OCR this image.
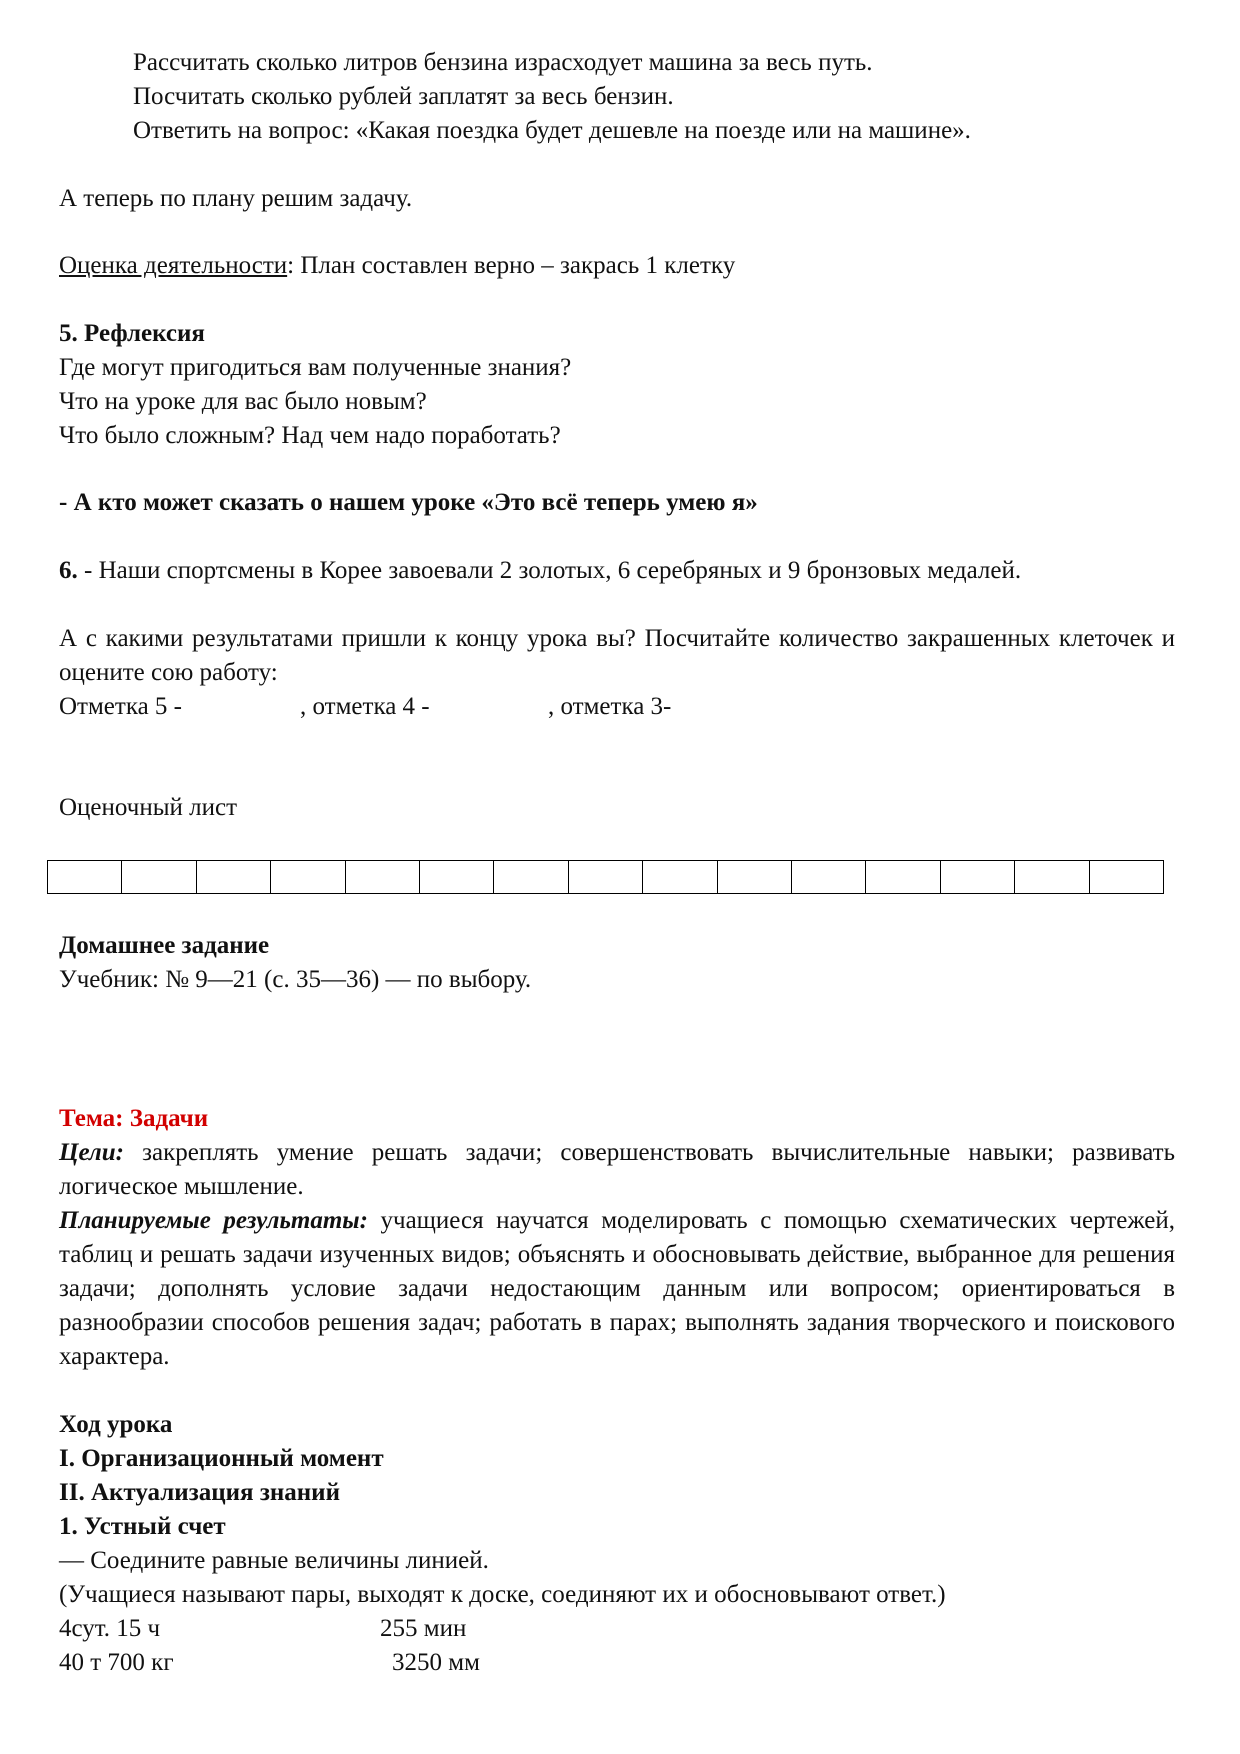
Рассчитать сколько литров бензина израсходует машина за весь путь.
Посчитать сколько рублей заплатят за весь бензин.
Ответить на вопрос: «Какая поездка будет дешевле на поезде или на машине».
А теперь по плану решим задачу.
Оценка деятельности: План составлен верно – закрась 1 клетку
5. Рефлексия
Где могут пригодиться вам полученные знания?
Что на уроке для вас было новым?
Что было сложным? Над чем надо поработать?
- А кто может сказать о нашем уроке «Это всё теперь умею я»
6. - Наши спортсмены в Корее завоевали 2 золотых, 6 серебряных и 9 бронзовых медалей.
А с какими результатами пришли к концу урока вы? Посчитайте количество закрашенных клеточек и оцените сою работу:
Отметка 5 -	, отметка 4 -	, отметка 3-
Оценочный лист
Домашнее задание
Учебник: № 9—21 (с. 35—36) — по выбору.
Тема: Задачи
Цели: закреплять умение решать задачи; совершенствовать вычислительные навыки; развивать логическое мышление.
Планируемые результаты: учащиеся научатся моделировать с помощью схематических чертежей, таблиц и решать задачи изученных видов; объяснять и обосновывать действие, выбранное для решения задачи; дополнять условие задачи недостающим данным или вопросом; ориентироваться в разнообразии способов решения задач; работать в парах; выполнять задания творческого и поискового характера.
Ход урока
I. Организационный момент
II. Актуализация знаний
1. Устный счет
— Соедините равные величины линией.
(Учащиеся называют пары, выходят к доске, соединяют их и обосновывают ответ.)
4сут. 15 ч	255 мин
40 т 700 кг	3250 мм
